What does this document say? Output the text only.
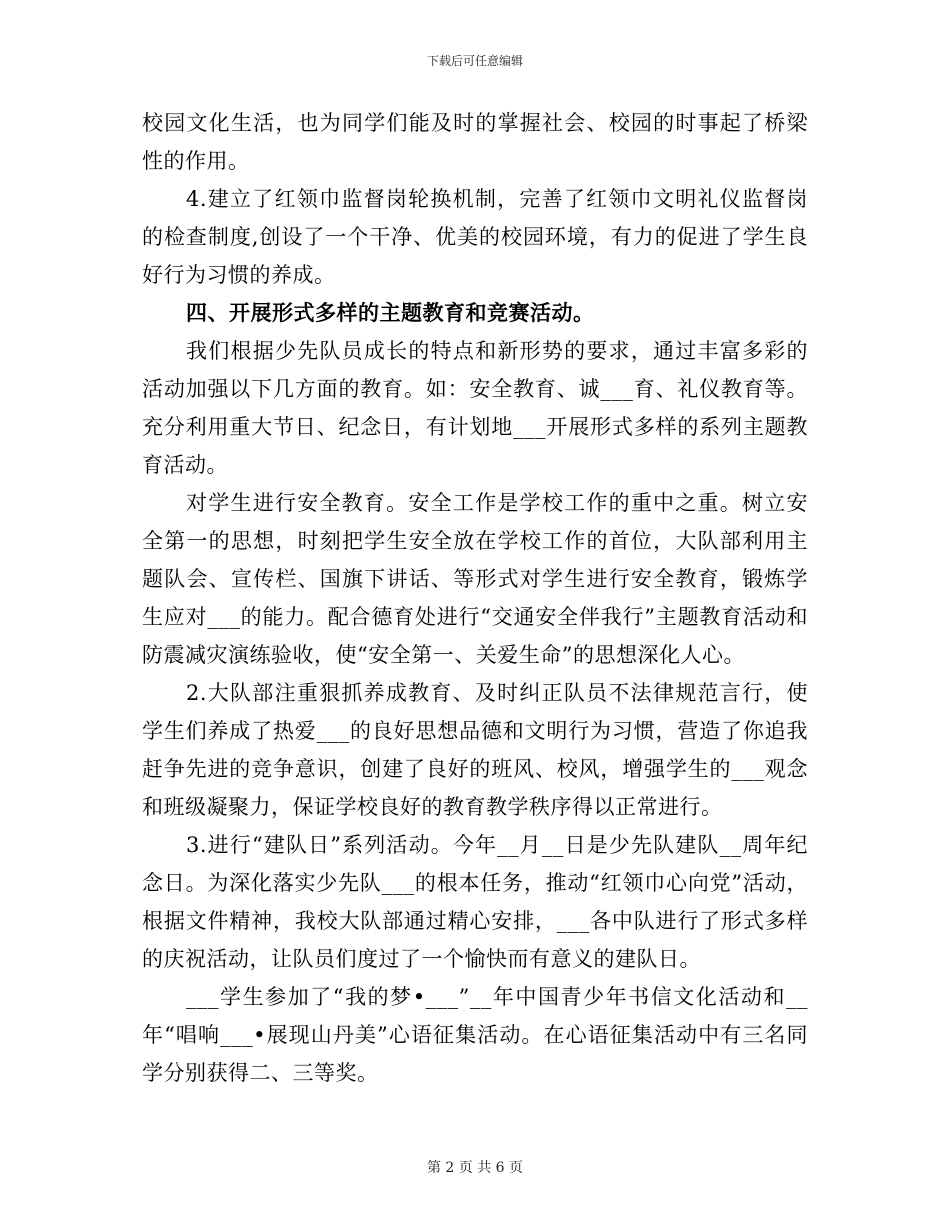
下载后可任意编辑

校园文化生活，也为同学们能及时的掌握社会、校园的时事起了桥梁性的作用。

4.建立了红领巾监督岗轮换机制，完善了红领巾文明礼仪监督岗的检查制度,创设了一个干净、优美的校园环境，有力的促进了学生良好行为习惯的养成。

四、开展形式多样的主题教育和竞赛活动。

我们根据少先队员成长的特点和新形势的要求，通过丰富多彩的活动加强以下几方面的教育。如：安全教育、诚___育、礼仪教育等。充分利用重大节日、纪念日，有计划地___开展形式多样的系列主题教育活动。

对学生进行安全教育。安全工作是学校工作的重中之重。树立安全第一的思想，时刻把学生安全放在学校工作的首位，大队部利用主题队会、宣传栏、国旗下讲话、等形式对学生进行安全教育，锻炼学生应对___的能力。配合德育处进行“交通安全伴我行”主题教育活动和防震减灾演练验收，使“安全第一、关爱生命”的思想深化人心。

2.大队部注重狠抓养成教育、及时纠正队员不法律规范言行，使学生们养成了热爱___的良好思想品德和文明行为习惯，营造了你追我赶争先进的竞争意识，创建了良好的班风、校风，增强学生的___观念和班级凝聚力，保证学校良好的教育教学秩序得以正常进行。

3.进行“建队日”系列活动。今年__月__日是少先队建队__周年纪念日。为深化落实少先队___的根本任务，推动“红领巾心向党”活动，根据文件精神，我校大队部通过精心安排，___各中队进行了形式多样的庆祝活动，让队员们度过了一个愉快而有意义的建队日。

___学生参加了“我的梦•___”__年中国青少年书信文化活动和__年“唱响___•展现山丹美”心语征集活动。在心语征集活动中有三名同学分别获得二、三等奖。

第 2 页 共 6 页
